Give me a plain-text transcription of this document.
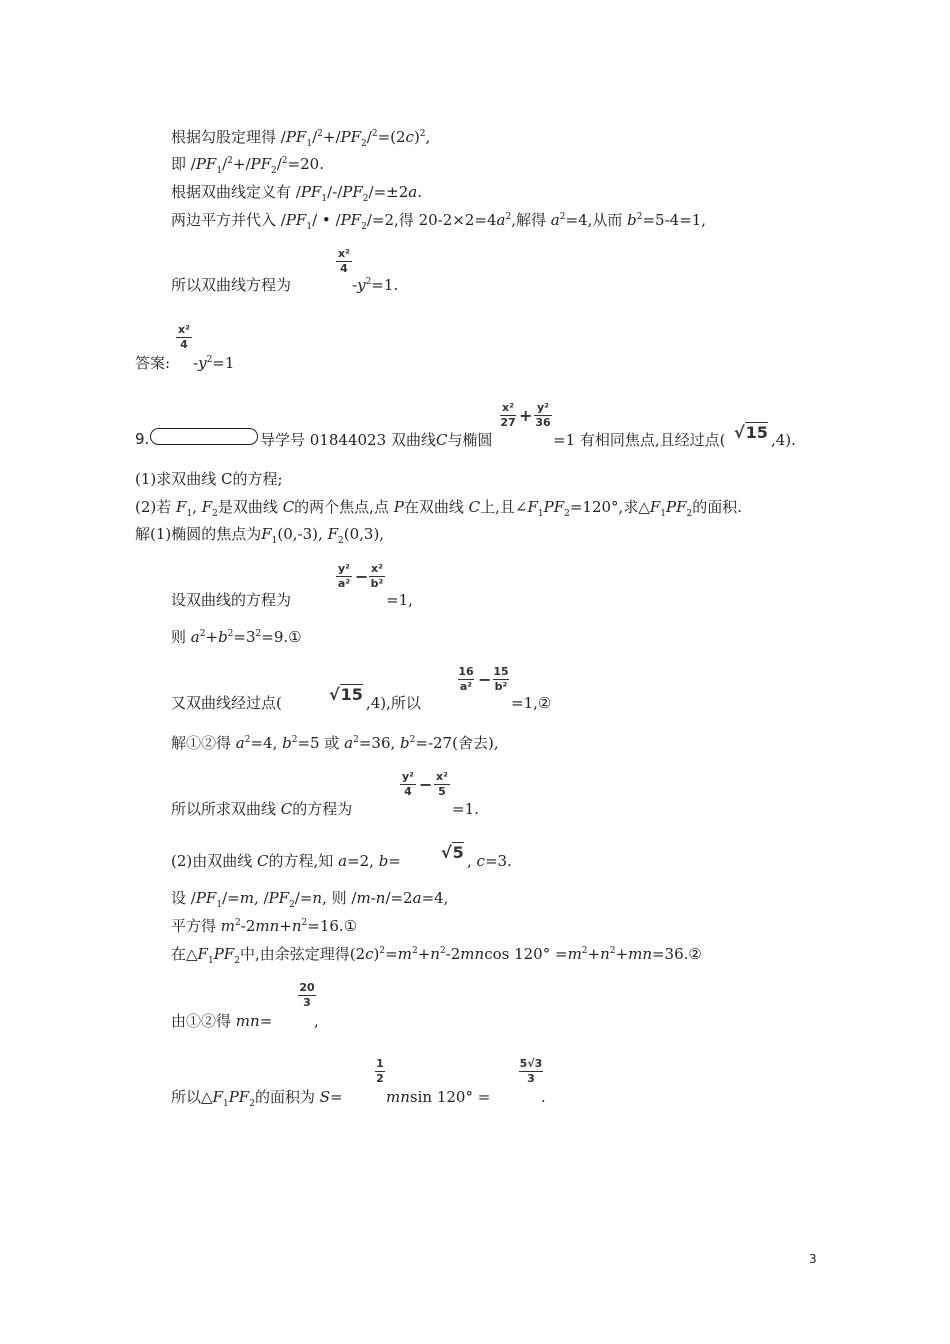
根据勾股定理得 $/PF_1/^2+/PF_2/^2=(2c)^2$,
即 $/PF_1/^2+/PF_2/^2=20$.
根据双曲线定义有 $/PF_1/-/PF_2/=\pm 2a$.
两边平方并代入 $/PF_1/$ • $/PF_2/=2$,得 $20-2\times 2=4a^2$,解得 $a^2=4$,从而 $b^2=5-4=1$,
所以双曲线方程为
x²
4
$-y^2=1$.
答案:
x²
4
$-y^2=1$
9.	导学号 01844023 双曲线C与椭圆
x²
27 + y²
36
=1 有相同焦点,且经过点( √15 ,4).
(1)求双曲线 C的方程;
(2)若 $F_1$, $F_2$是双曲线 C的两个焦点,点 P在双曲线 C上,且$\angle F_1PF_2=120^\circ$,求$\triangle F_1PF_2$的面积.
解(1)椭圆的焦点为$F_1(0,-3)$, $F_2(0,3)$,
设双曲线的方程为
y²
a² − x²
b²
=1,
则 $a^2+b^2=3^2=9.①$
又双曲线经过点(	√15 ,4),所以
16
a² − 15
b²
=1,②
解①②得 $a^2=4$, $b^2=5$ 或 $a^2=36$, $b^2=-27$(舍去),
所以所求双曲线 C的方程为
y²
4 − x²
5
=1.
(2)由双曲线 C的方程,知 a=2, b=	√5 , c=3.
设 $/PF_1/=m$, $/PF_2/=n$, 则 /m-n/=2a=4,
平方得 $m^2-2mn+n^2=16.①$
在$\triangle F_1PF_2$中,由余弦定理得$(2c)^2=m^2+n^2-2mncos$ $120^\circ =m^2+n^2+mn=36.②$
由①②得 mn=
20
3
,
所以$\triangle F_1PF_2$的面积为 S=
1
2
mnsin 120° =
5√3
3
.
3
